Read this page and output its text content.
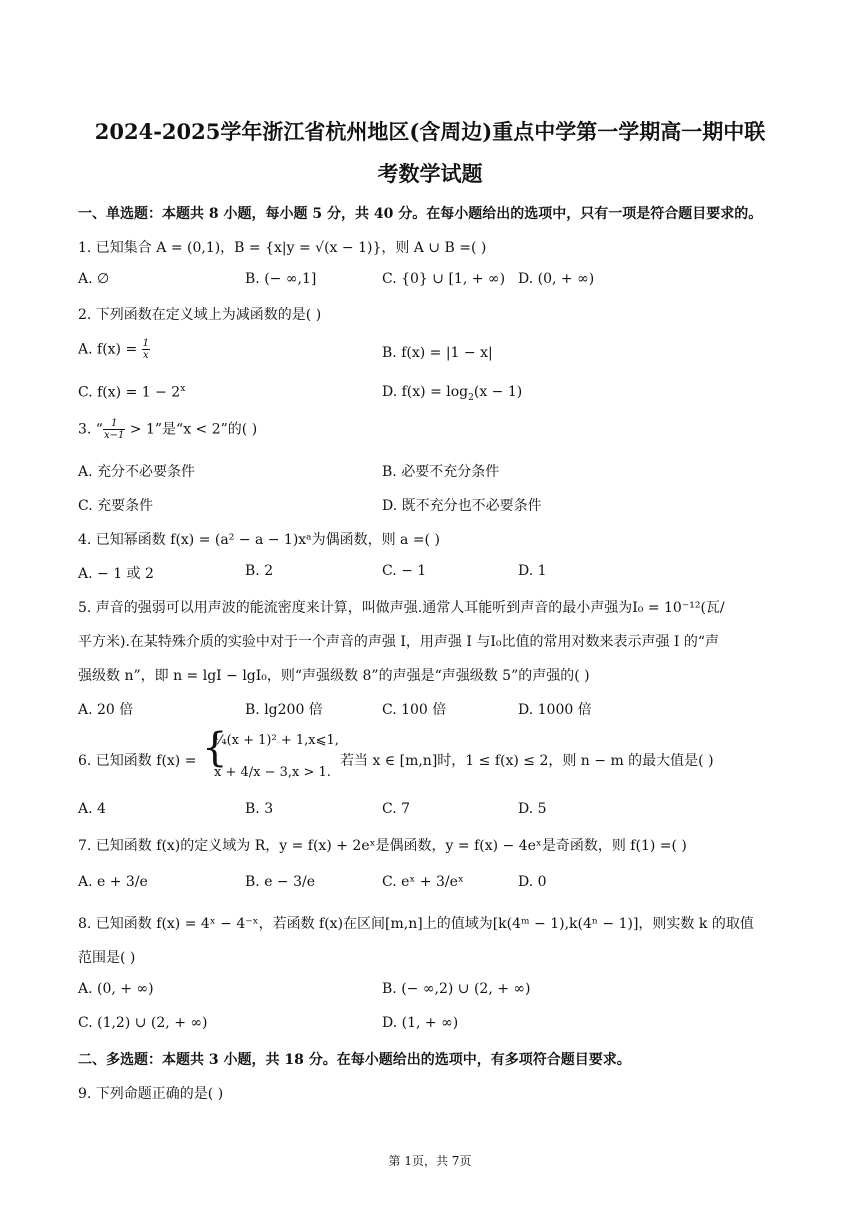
2024-2025学年浙江省杭州地区(含周边)重点中学第一学期高一期中联
考数学试题
一、单选题：本题共 8 小题，每小题 5 分，共 40 分。在每小题给出的选项中，只有一项是符合题目要求的。
1. 已知集合 A = (0,1)，B = {x|y = √(x − 1)}，则 A ∪ B =( )
A. ∅	B. (− ∞,1]	C. {0} ∪ [1, + ∞) D. (0, + ∞)
2. 下列函数在定义域上为减函数的是( )
A. $f(x) = \frac{1}{x}$	B. f(x) = |1 − x|
C. $f(x) = 1 - 2^x$	D. $f(x) = \log_2(x - 1)$
3. “ $\frac{1}{x-1} > 1$”是“x < 2”的( )
A. 充分不必要条件	B. 必要不充分条件
C. 充要条件	D. 既不充分也不必要条件
4. 已知幂函数 f(x) = (a² − a − 1)xᵃ为偶函数，则 a =( )
A. − 1 或 2	B. 2	C. − 1	D. 1
5. 声音的强弱可以用声波的能流密度来计算，叫做声强.通常人耳能听到声音的最小声强为I₀ = 10⁻¹²(瓦/
平方米).在某特殊介质的实验中对于一个声音的声强 I，用声强 I 与I₀比值的常用对数来表示声强 I 的“声
强级数 n”，即 n = lgI − lgI₀，则“声强级数 8”的声强是“声强级数 5”的声强的( )
A. 20 倍	B. lg200 倍	C. 100 倍	D. 1000 倍
6. 已知函数 f(x) = {
¼(x + 1)² + 1,x⩽1,
x + 4/x − 3,x > 1.
若当 x ∈ [m,n]时，1 ≤ f(x) ≤ 2，则 n − m 的最大值是( )
A. 4	B. 3	C. 7	D. 5
7. 已知函数 f(x)的定义域为 R，y = f(x) + 2eˣ是偶函数，y = f(x) − 4eˣ是奇函数，则 f(1) =( )
A. e + 3/e	B. e − 3/e	C. eˣ + 3/eˣ	D. 0
8. 已知函数 f(x) = 4ˣ − 4⁻ˣ，若函数 f(x)在区间[m,n]上的值域为[k(4ᵐ − 1),k(4ⁿ − 1)]，则实数 k 的取值
范围是( )
A. (0, + ∞)	B. (− ∞,2) ∪ (2, + ∞)
C. (1,2) ∪ (2, + ∞)	D. (1, + ∞)
二、多选题：本题共 3 小题，共 18 分。在每小题给出的选项中，有多项符合题目要求。
9. 下列命题正确的是( )
第 1页，共 7页
